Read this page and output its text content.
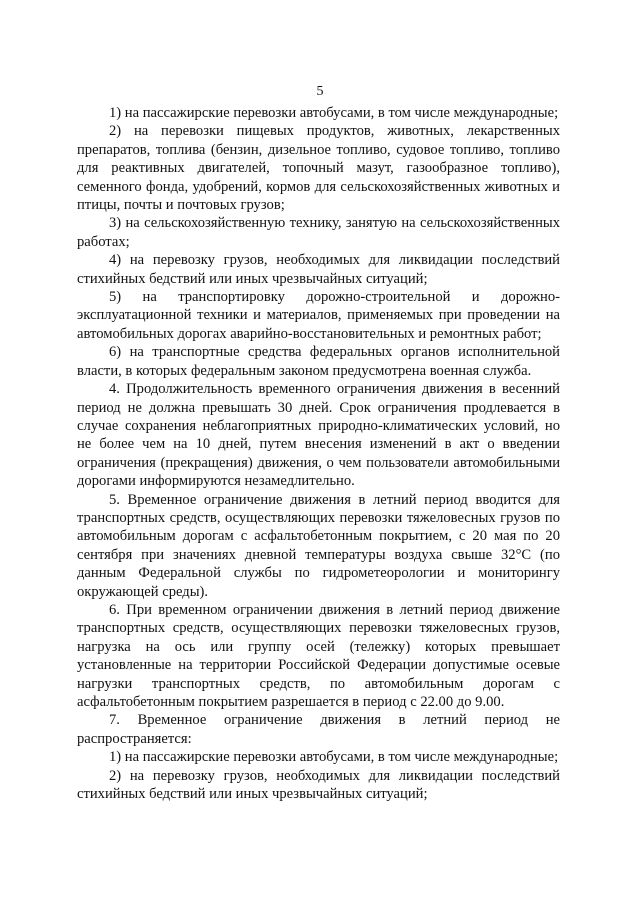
5

1) на пассажирские перевозки автобусами, в том числе международные;

2) на перевозки пищевых продуктов, животных, лекарственных препаратов, топлива (бензин, дизельное топливо, судовое топливо, топливо для реактивных двигателей, топочный мазут, газообразное топливо), семенного фонда, удобрений, кормов для сельскохозяйственных животных и птицы, почты и почтовых грузов;

3) на сельскохозяйственную технику, занятую на сельскохозяйственных работах;

4) на перевозку грузов, необходимых для ликвидации последствий стихийных бедствий или иных чрезвычайных ситуаций;

5) на транспортировку дорожно-строительной и дорожно-эксплуатационной техники и материалов, применяемых при проведении на автомобильных дорогах аварийно-восстановительных и ремонтных работ;

6) на транспортные средства федеральных органов исполнительной власти, в которых федеральным законом предусмотрена военная служба.

4. Продолжительность временного ограничения движения в весенний период не должна превышать 30 дней. Срок ограничения продлевается в случае сохранения неблагоприятных природно-климатических условий, но не более чем на 10 дней, путем внесения изменений в акт о введении ограничения (прекращения) движения, о чем пользователи автомобильными дорогами информируются незамедлительно.

5. Временное ограничение движения в летний период вводится для транспортных средств, осуществляющих перевозки тяжеловесных грузов по автомобильным дорогам с асфальтобетонным покрытием, с 20 мая по 20 сентября при значениях дневной температуры воздуха свыше 32°С (по данным Федеральной службы по гидрометеорологии и мониторингу окружающей среды).

6. При временном ограничении движения в летний период движение транспортных средств, осуществляющих перевозки тяжеловесных грузов, нагрузка на ось или группу осей (тележку) которых превышает установленные на территории Российской Федерации допустимые осевые нагрузки транспортных средств, по автомобильным дорогам с асфальтобетонным покрытием разрешается в период с 22.00 до 9.00.

7. Временное ограничение движения в летний период не распространяется:

1) на пассажирские перевозки автобусами, в том числе международные;

2) на перевозку грузов, необходимых для ликвидации последствий стихийных бедствий или иных чрезвычайных ситуаций;
